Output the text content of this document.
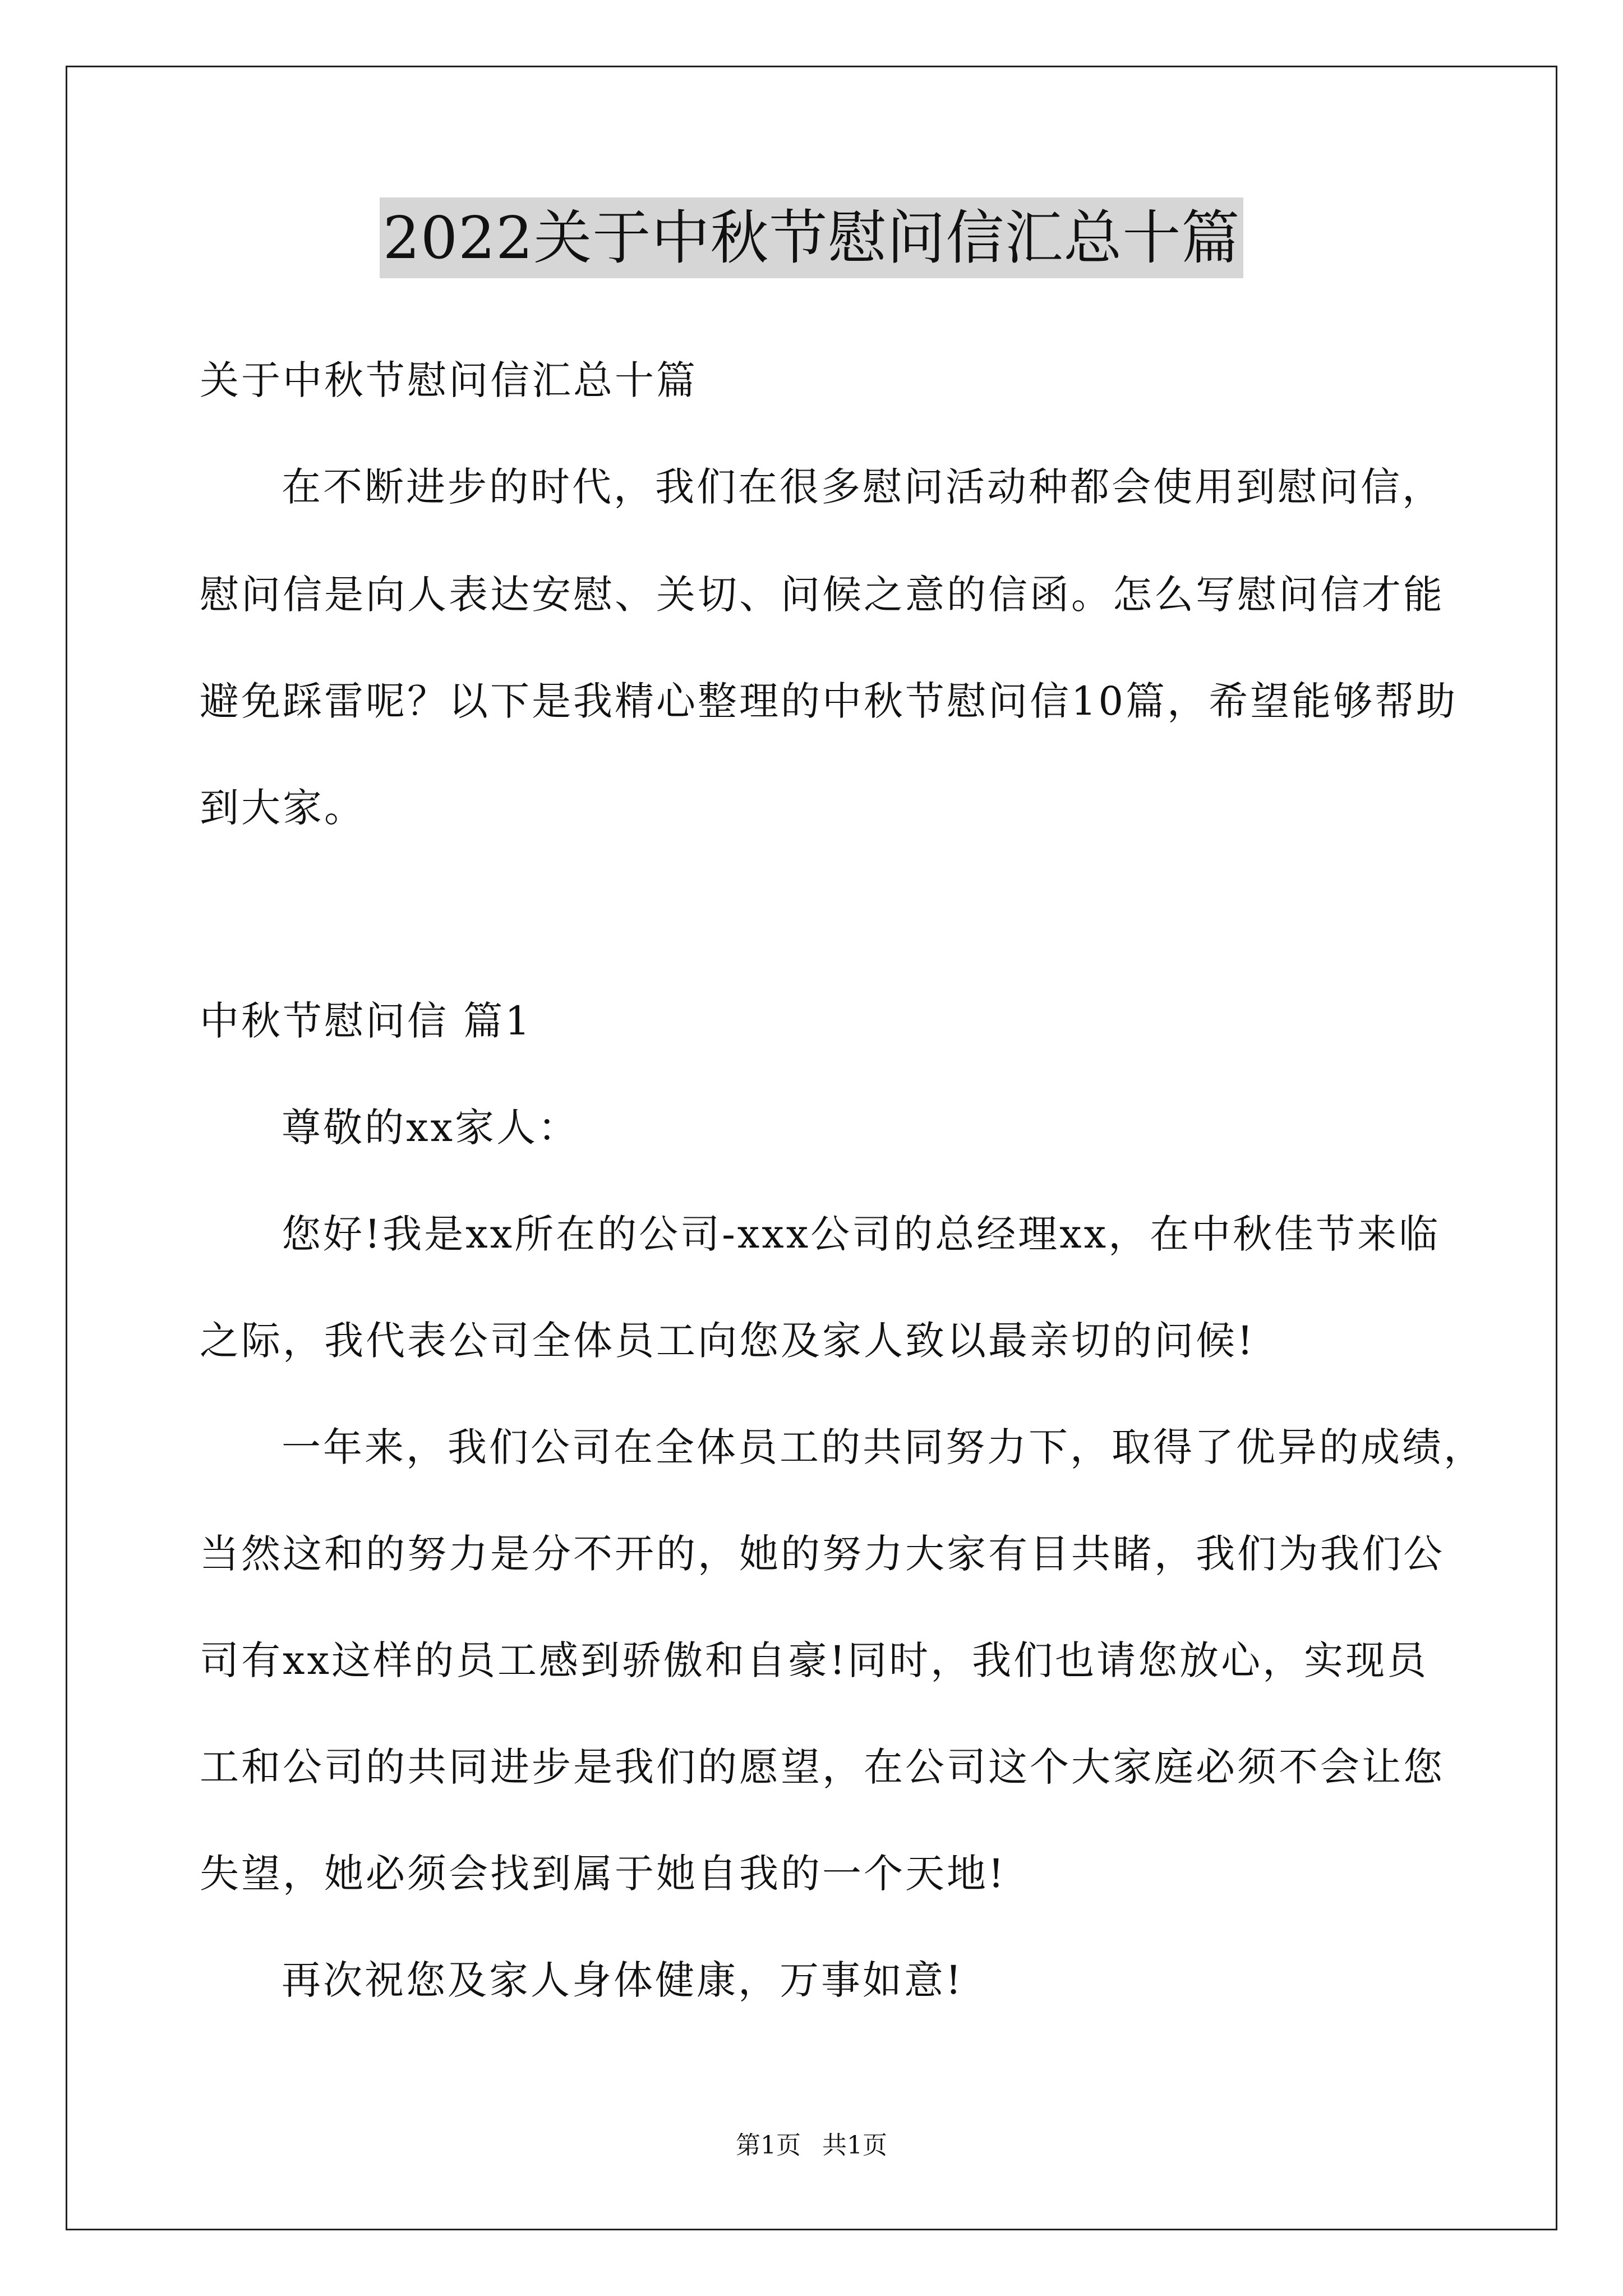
2022关于中秋节慰问信汇总十篇
关于中秋节慰问信汇总十篇
在不断进步的时代，我们在很多慰问活动种都会使用到慰问信，
慰问信是向人表达安慰、关切、问候之意的信函。怎么写慰问信才能
避免踩雷呢？以下是我精心整理的中秋节慰问信10篇，希望能够帮助
到大家。
中秋节慰问信 篇1
尊敬的xx家人：
您好!我是xx所在的公司-xxx公司的总经理xx，在中秋佳节来临
之际，我代表公司全体员工向您及家人致以最亲切的问候!
一年来，我们公司在全体员工的共同努力下，取得了优异的成绩，
当然这和的努力是分不开的，她的努力大家有目共睹，我们为我们公
司有xx这样的员工感到骄傲和自豪!同时，我们也请您放心，实现员
工和公司的共同进步是我们的愿望，在公司这个大家庭必须不会让您
失望，她必须会找到属于她自我的一个天地!
再次祝您及家人身体健康，万事如意!
第1页 共1页
